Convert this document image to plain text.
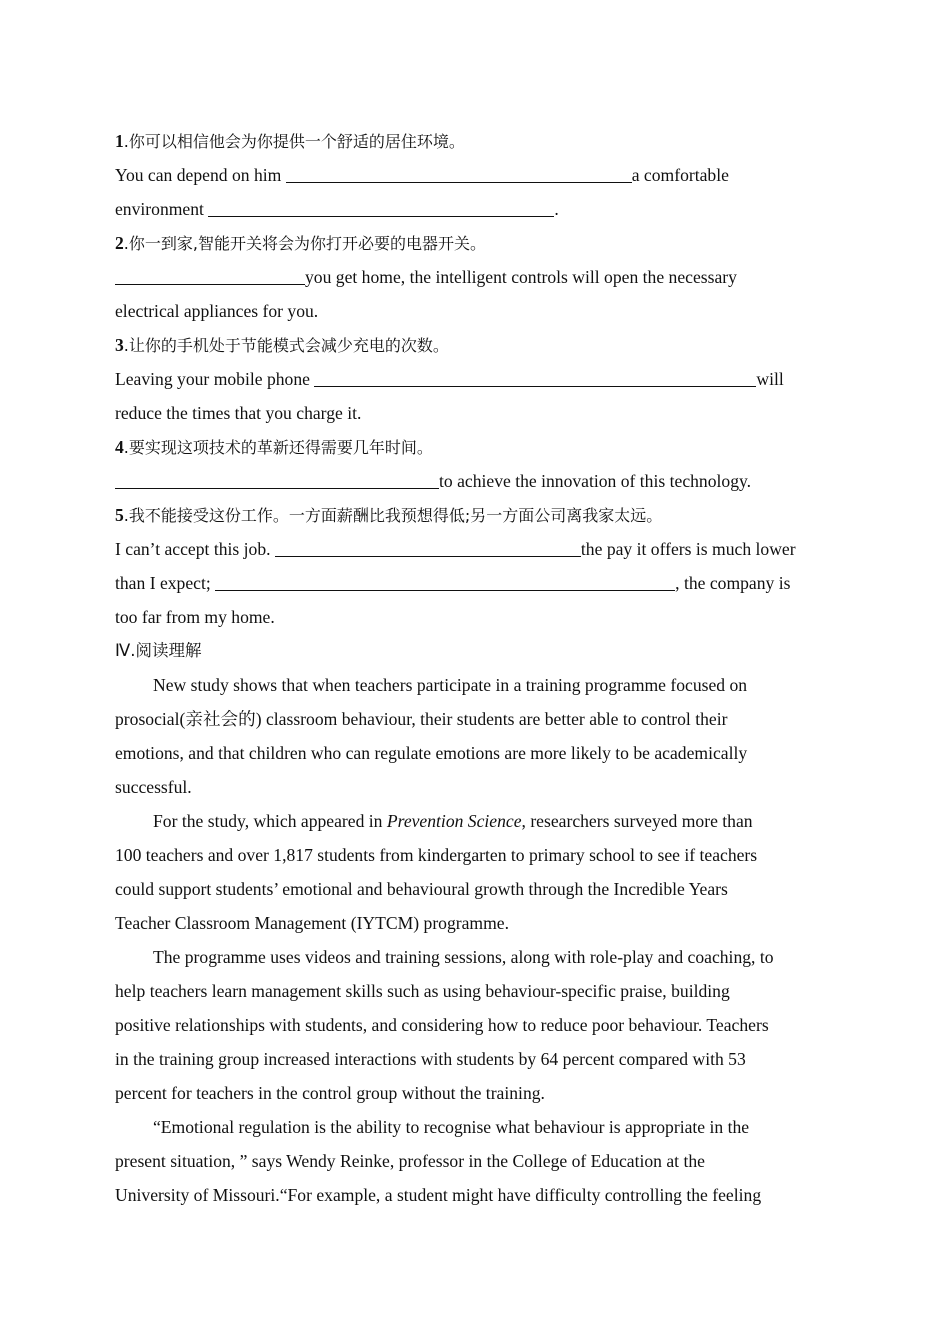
1.你可以相信他会为你提供一个舒适的居住环境。
You can depend on him	a comfortable
environment	.
2.你一到家,智能开关将会为你打开必要的电器开关。
you get home, the intelligent controls will open the necessary
electrical appliances for you.
3.让你的手机处于节能模式会减少充电的次数。
Leaving your mobile phone	will
reduce the times that you charge it.
4.要实现这项技术的革新还得需要几年时间。
to achieve the innovation of this technology.
5.我不能接受这份工作。一方面薪酬比我预想得低;另一方面公司离我家太远。
I can’t accept this job.	the pay it offers is much lower
than I expect;	, the company is
too far from my home.
Ⅳ.阅读理解
New study shows that when teachers participate in a training programme focused on
prosocial(亲社会的) classroom behaviour, their students are better able to control their
emotions, and that children who can regulate emotions are more likely to be academically
successful.
For the study, which appeared in Prevention Science, researchers surveyed more than
100 teachers and over 1,817 students from kindergarten to primary school to see if teachers
could support students’ emotional and behavioural growth through the Incredible Years
Teacher Classroom Management (IYTCM) programme.
The programme uses videos and training sessions, along with role-play and coaching, to
help teachers learn management skills such as using behaviour-specific praise, building
positive relationships with students, and considering how to reduce poor behaviour. Teachers
in the training group increased interactions with students by 64 percent compared with 53
percent for teachers in the control group without the training.
“Emotional regulation is the ability to recognise what behaviour is appropriate in the
present situation, ” says Wendy Reinke, professor in the College of Education at the
University of Missouri.“For example, a student might have difficulty controlling the feeling
